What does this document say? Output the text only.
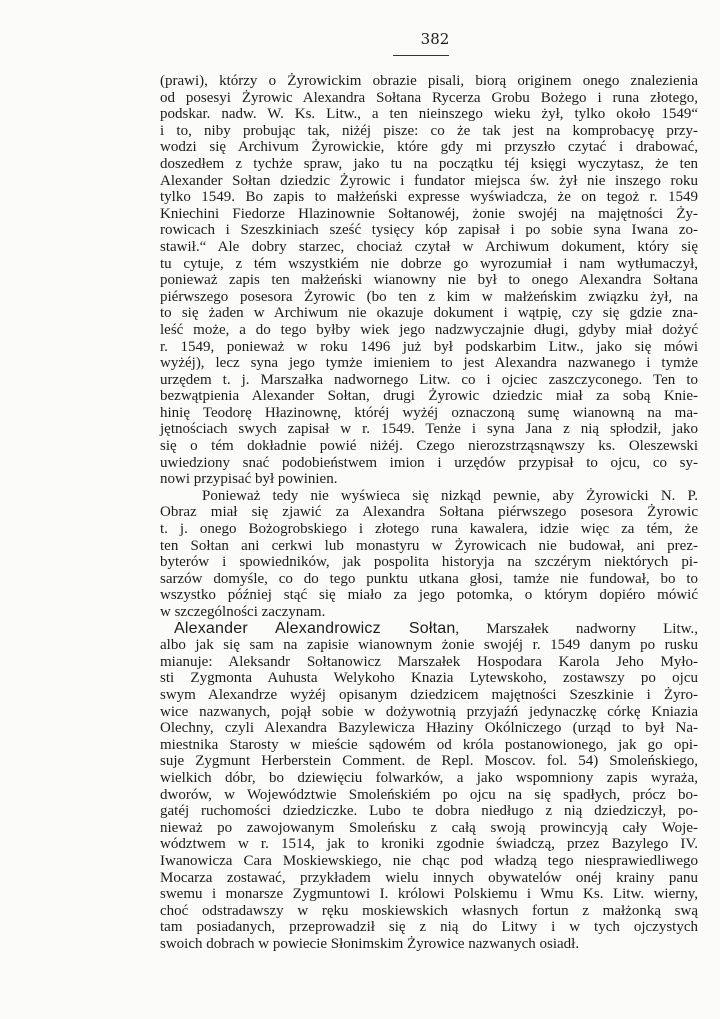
382
(prawi), którzy o Żyrowickim obrazie pisali, biorą originem onego znalezienia
od posesyi Żyrowic Alexandra Sołtana Rycerza Grobu Bożego i runa złotego,
podskar. nadw. W. Ks. Litw., a ten nieinszego wieku żył, tylko około 1549“
i to, niby probując tak, niżéj pisze: co że tak jest na komprobacyę przy-
wodzi się Archivum Żyrowickie, które gdy mi przyszło czytać i drabować,
doszedłem z tychże spraw, jako tu na początku téj księgi wyczytasz, że ten
Alexander Sołtan dziedzic Żyrowic i fundator miejsca św. żył nie inszego roku
tylko 1549. Bo zapis to małżeński expresse wyświadcza, że on tegoż r. 1549
Kniechini Fiedorze Hlazinownie Sołtanowéj, żonie swojéj na majętności Ży-
rowicach i Szeszkiniach sześć tysięcy kóp zapisał i po sobie syna Iwana zo-
stawił.“ Ale dobry starzec, chociaż czytał w Archiwum dokument, który się
tu cytuje, z tém wszystkiém nie dobrze go wyrozumiał i nam wytłumaczył,
ponieważ zapis ten małżeński wianowny nie był to onego Alexandra Sołtana
piérwszego posesora Żyrowic (bo ten z kim w małżeńskim związku żył, na
to się żaden w Archiwum nie okazuje dokument i wątpię, czy się gdzie zna-
leść może, a do tego byłby wiek jego nadzwyczajnie długi, gdyby miał dożyć
r. 1549, ponieważ w roku 1496 już był podskarbim Litw., jako się mówi
wyżéj), lecz syna jego tymże imieniem to jest Alexandra nazwanego i tymże
urzędem t. j. Marszałka nadwornego Litw. co i ojciec zaszczyconego. Ten to
bezwątpienia Alexander Sołtan, drugi Żyrowic dziedzic miał za sobą Knie-
hinię Teodorę Hłazinownę, któréj wyżéj oznaczoną sumę wianowną na ma-
jętnościach swych zapisał w r. 1549. Tenże i syna Jana z nią spłodził, jako
się o tém dokładnie powié niżéj. Czego nierozstrząsnąwszy ks. Oleszewski
uwiedziony snać podobieństwem imion i urzędów przypisał to ojcu, co sy-
nowi przypisać był powinien.
Ponieważ tedy nie wyświeca się nizkąd pewnie, aby Żyrowicki N. P.
Obraz miał się zjawić za Alexandra Sołtana piérwszego posesora Żyrowic
t. j. onego Bożogrobskiego i złotego runa kawalera, idzie więc za tém, że
ten Sołtan ani cerkwi lub monastyru w Żyrowicach nie budował, ani prez-
byterów i spowiedników, jak pospolita historyja na szczérym niektórych pi-
sarzów domyśle, co do tego punktu utkana głosi, tamże nie fundował, bo to
wszystko później stąć się miało za jego potomka, o którym dopiéro mówić
w szczególności zaczynam.
Alexander Alexandrowicz Sołtan, Marszałek nadworny Litw.,
albo jak się sam na zapisie wianownym żonie swojéj r. 1549 danym po rusku
mianuje: Aleksandr Sołtanowicz Marszałek Hospodara Karola Jeho Myło-
sti Zygmonta Auhusta Welykoho Knazia Lytewskoho, zostawszy po ojcu
swym Alexandrze wyżéj opisanym dziedzicem majętności Szeszkinie i Żyro-
wice nazwanych, pojął sobie w dożywotnią przyjaźń jedynaczkę córkę Kniazia
Olechny, czyli Alexandra Bazylewicza Hłaziny Okólniczego (urząd to był Na-
miestnika Starosty w mieście sądowém od króla postanowionego, jak go opi-
suje Zygmunt Herberstein Comment. de Repl. Moscov. fol. 54) Smoleńskiego,
wielkich dóbr, bo dziewięciu folwarków, a jako wspomniony zapis wyraża,
dworów, w Województwie Smoleńskiém po ojcu na się spadłych, prócz bo-
gatéj ruchomości dziedziczke. Lubo te dobra niedługo z nią dziedziczył, po-
nieważ po zawojowanym Smoleńsku z całą swoją prowincyją cały Woje-
wództwem w r. 1514, jak to kroniki zgodnie świadczą, przez Bazylego IV.
Iwanowicza Cara Moskiewskiego, nie chąc pod władzą tego niesprawiedliwego
Mocarza zostawać, przykładem wielu innych obywatelów onéj krainy panu
swemu i monarsze Zygmuntowi I. królowi Polskiemu i Wmu Ks. Litw. wierny,
choć odstradawszy w ręku moskiewskich własnych fortun z małżonką swą
tam posiadanych, przeprowadził się z nią do Litwy i w tych ojczystych
swoich dobrach w powiecie Słonimskim Żyrowice nazwanych osiadł.
